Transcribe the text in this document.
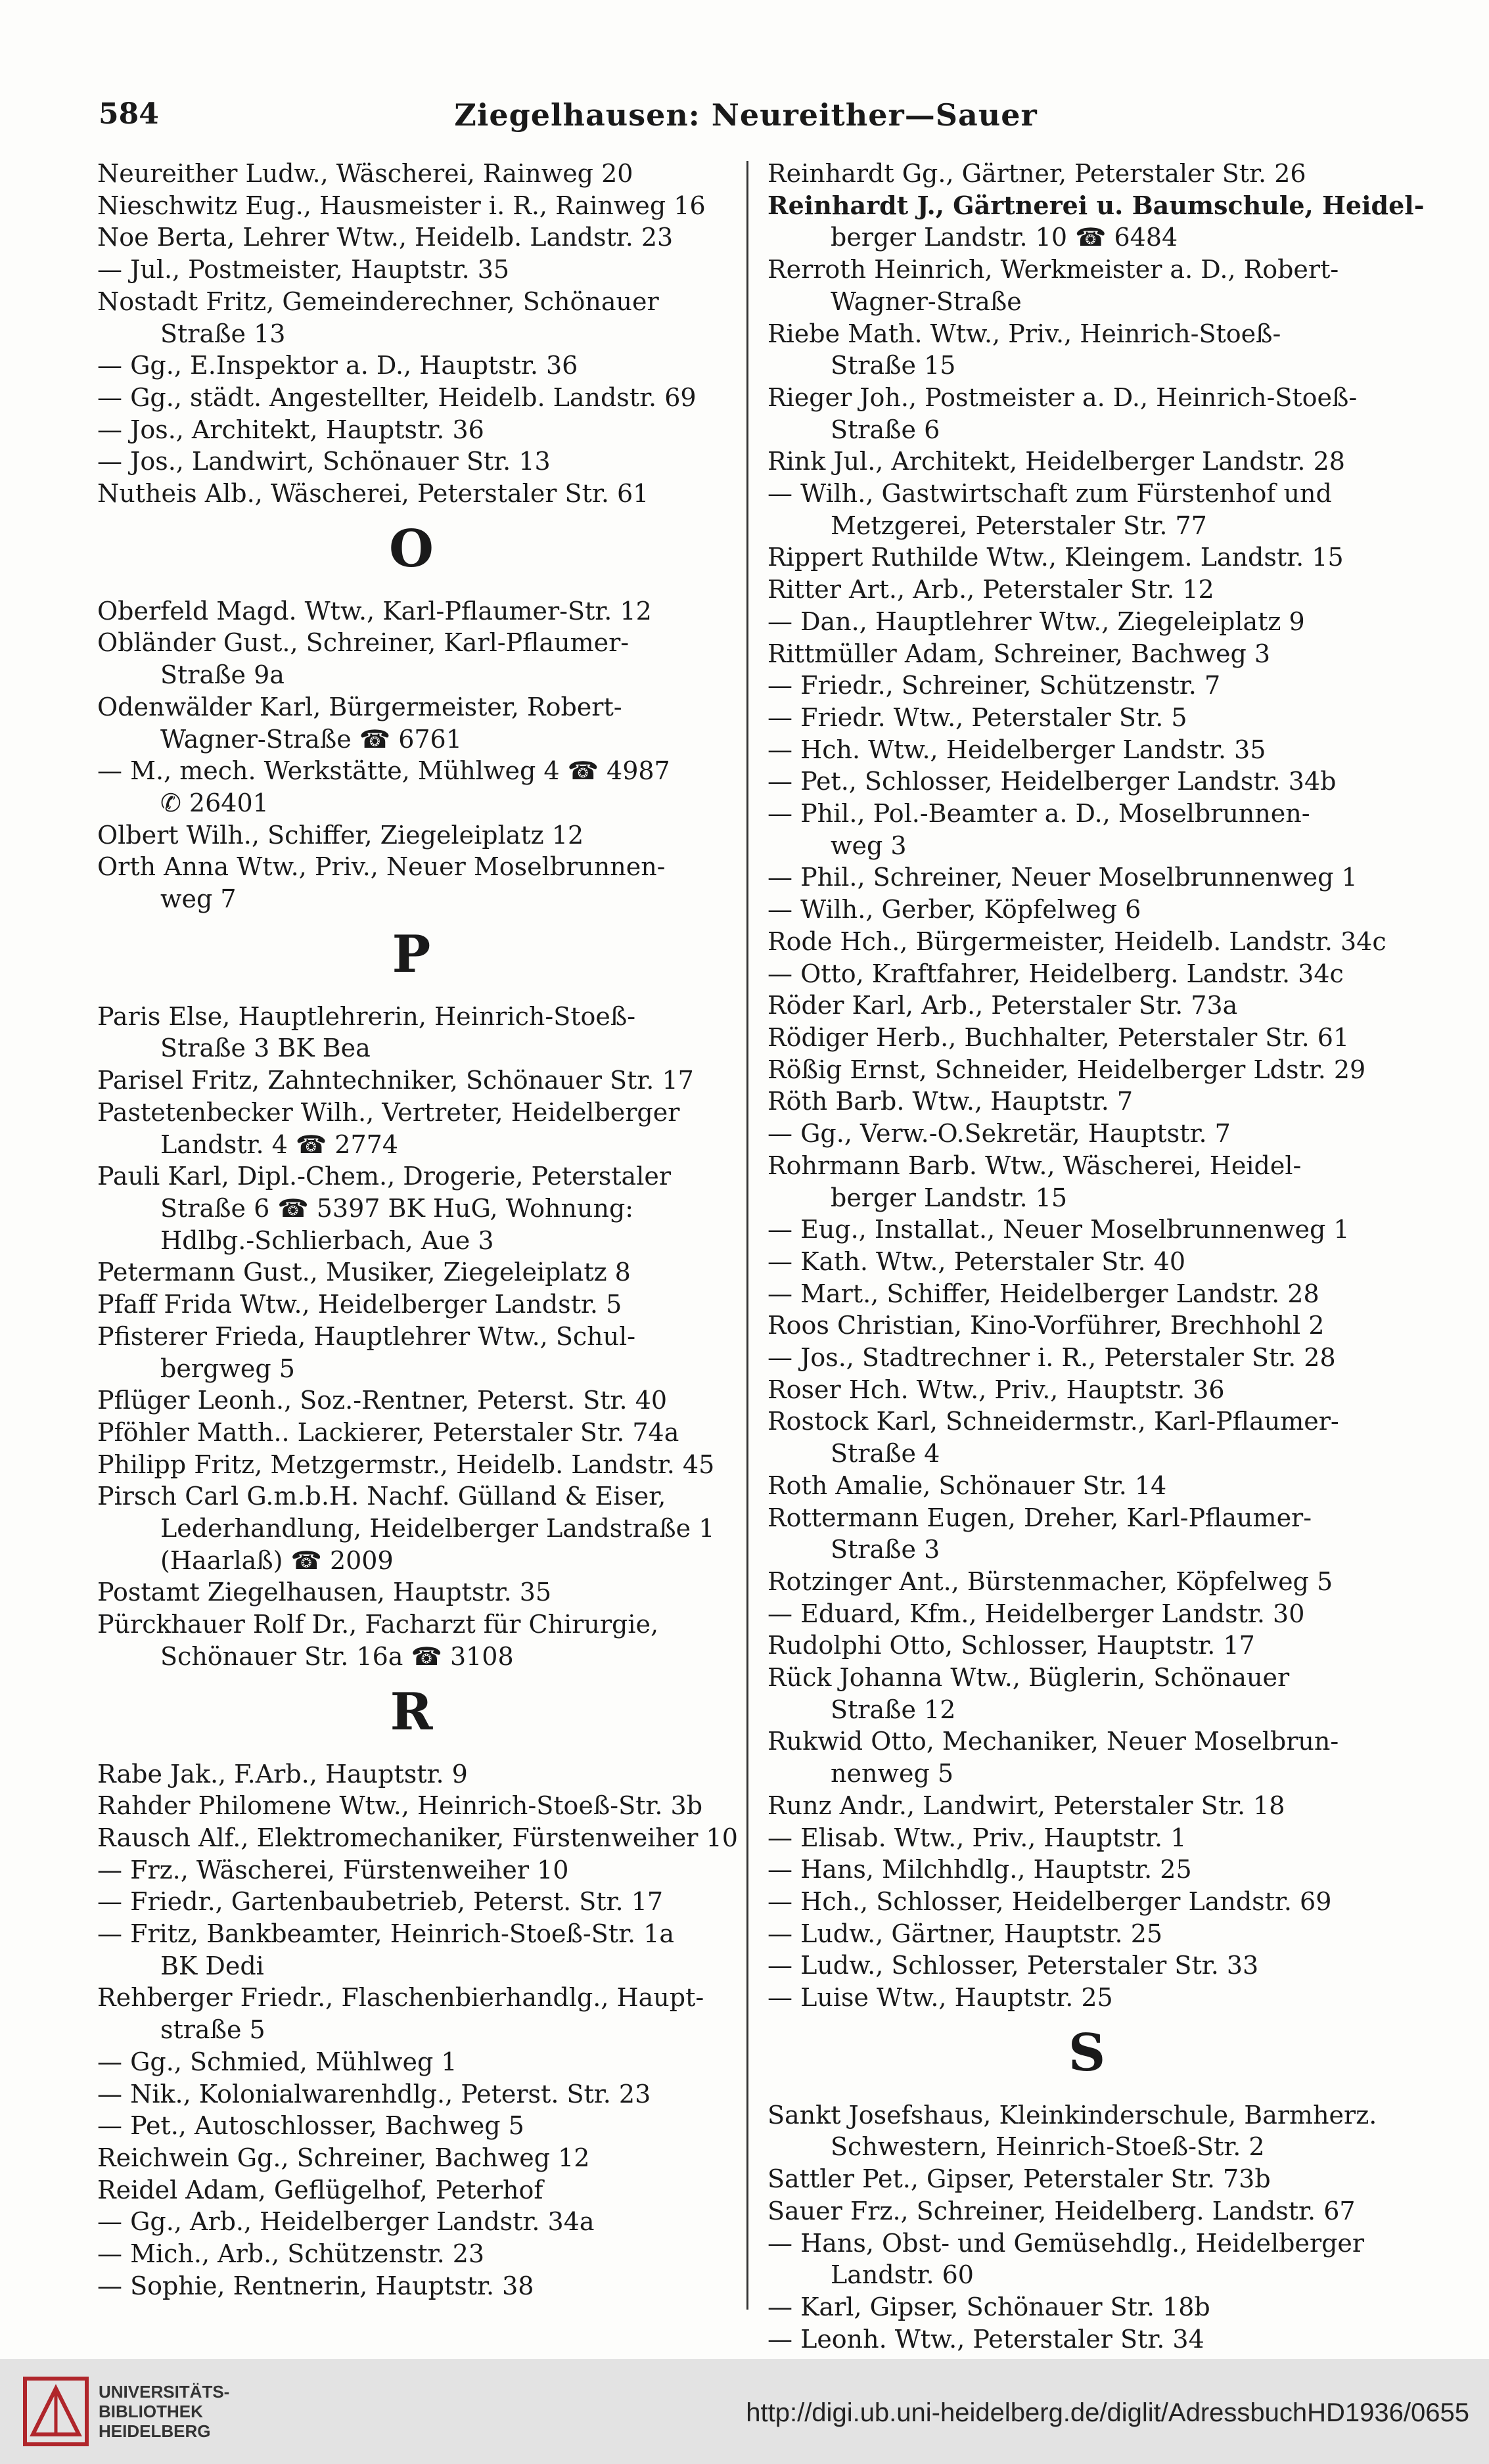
584	Ziegelhausen: Neureither—Sauer

Neureither Ludw., Wäscherei, Rainweg 20

Nieschwitz Eug., Hausmeister i. R., Rainweg 16

Noe Berta, Lehrer Wtw., Heidelb. Landstr. 23

— Jul., Postmeister, Hauptstr. 35

Nostadt Fritz, Gemeinderechner, Schönauer
Straße 13

— Gg., E.Inspektor a. D., Hauptstr. 36

— Gg., städt. Angestellter, Heidelb. Landstr. 69

— Jos., Architekt, Hauptstr. 36

— Jos., Landwirt, Schönauer Str. 13

Nutheis Alb., Wäscherei, Peterstaler Str. 61

O

Oberfeld Magd. Wtw., Karl-Pflaumer-Str. 12

Obländer Gust., Schreiner, Karl-Pflaumer-
Straße 9a

Odenwälder Karl, Bürgermeister, Robert-
Wagner-Straße ☎ 6761

— M., mech. Werkstätte, Mühlweg 4 ☎ 4987
✆ 26401

Olbert Wilh., Schiffer, Ziegeleiplatz 12

Orth Anna Wtw., Priv., Neuer Moselbrunnen-
weg 7

P

Paris Else, Hauptlehrerin, Heinrich-Stoeß-
Straße 3 BK Bea

Parisel Fritz, Zahntechniker, Schönauer Str. 17

Pastetenbecker Wilh., Vertreter, Heidelberger
Landstr. 4 ☎ 2774

Pauli Karl, Dipl.-Chem., Drogerie, Peterstaler
Straße 6 ☎ 5397 BK HuG, Wohnung:
Hdlbg.-Schlierbach, Aue 3

Petermann Gust., Musiker, Ziegeleiplatz 8

Pfaff Frida Wtw., Heidelberger Landstr. 5

Pfisterer Frieda, Hauptlehrer Wtw., Schul-
bergweg 5

Pflüger Leonh., Soz.-Rentner, Peterst. Str. 40

Pföhler Matth.. Lackierer, Peterstaler Str. 74a

Philipp Fritz, Metzgermstr., Heidelb. Landstr. 45

Pirsch Carl G.m.b.H. Nachf. Gülland & Eiser,
Lederhandlung, Heidelberger Landstraße 1
(Haarlaß) ☎ 2009

Postamt Ziegelhausen, Hauptstr. 35

Pürckhauer Rolf Dr., Facharzt für Chirurgie,
Schönauer Str. 16a ☎ 3108

R

Rabe Jak., F.Arb., Hauptstr. 9

Rahder Philomene Wtw., Heinrich-Stoeß-Str. 3b

Rausch Alf., Elektromechaniker, Fürstenweiher 10

— Frz., Wäscherei, Fürstenweiher 10

— Friedr., Gartenbaubetrieb, Peterst. Str. 17

— Fritz, Bankbeamter, Heinrich-Stoeß-Str. 1a
BK Dedi

Rehberger Friedr., Flaschenbierhandlg., Haupt-
straße 5

— Gg., Schmied, Mühlweg 1

— Nik., Kolonialwarenhdlg., Peterst. Str. 23

— Pet., Autoschlosser, Bachweg 5

Reichwein Gg., Schreiner, Bachweg 12

Reidel Adam, Geflügelhof, Peterhof

— Gg., Arb., Heidelberger Landstr. 34a

— Mich., Arb., Schützenstr. 23

— Sophie, Rentnerin, Hauptstr. 38

Reinhardt Gg., Gärtner, Peterstaler Str. 26

Reinhardt J., Gärtnerei u. Baumschule, Heidel-
berger Landstr. 10 ☎ 6484

Rerroth Heinrich, Werkmeister a. D., Robert-
Wagner-Straße

Riebe Math. Wtw., Priv., Heinrich-Stoeß-
Straße 15

Rieger Joh., Postmeister a. D., Heinrich-Stoeß-
Straße 6

Rink Jul., Architekt, Heidelberger Landstr. 28

— Wilh., Gastwirtschaft zum Fürstenhof und
Metzgerei, Peterstaler Str. 77

Rippert Ruthilde Wtw., Kleingem. Landstr. 15

Ritter Art., Arb., Peterstaler Str. 12

— Dan., Hauptlehrer Wtw., Ziegeleiplatz 9

Rittmüller Adam, Schreiner, Bachweg 3

— Friedr., Schreiner, Schützenstr. 7

— Friedr. Wtw., Peterstaler Str. 5

— Hch. Wtw., Heidelberger Landstr. 35

— Pet., Schlosser, Heidelberger Landstr. 34b

— Phil., Pol.-Beamter a. D., Moselbrunnen-
weg 3

— Phil., Schreiner, Neuer Moselbrunnenweg 1

— Wilh., Gerber, Köpfelweg 6

Rode Hch., Bürgermeister, Heidelb. Landstr. 34c

— Otto, Kraftfahrer, Heidelberg. Landstr. 34c

Röder Karl, Arb., Peterstaler Str. 73a

Rödiger Herb., Buchhalter, Peterstaler Str. 61

Rößig Ernst, Schneider, Heidelberger Ldstr. 29

Röth Barb. Wtw., Hauptstr. 7

— Gg., Verw.-O.Sekretär, Hauptstr. 7

Rohrmann Barb. Wtw., Wäscherei, Heidel-
berger Landstr. 15

— Eug., Installat., Neuer Moselbrunnenweg 1

— Kath. Wtw., Peterstaler Str. 40

— Mart., Schiffer, Heidelberger Landstr. 28

Roos Christian, Kino-Vorführer, Brechhohl 2

— Jos., Stadtrechner i. R., Peterstaler Str. 28

Roser Hch. Wtw., Priv., Hauptstr. 36

Rostock Karl, Schneidermstr., Karl-Pflaumer-
Straße 4

Roth Amalie, Schönauer Str. 14

Rottermann Eugen, Dreher, Karl-Pflaumer-
Straße 3

Rotzinger Ant., Bürstenmacher, Köpfelweg 5

— Eduard, Kfm., Heidelberger Landstr. 30

Rudolphi Otto, Schlosser, Hauptstr. 17

Rück Johanna Wtw., Büglerin, Schönauer
Straße 12

Rukwid Otto, Mechaniker, Neuer Moselbrun-
nenweg 5

Runz Andr., Landwirt, Peterstaler Str. 18

— Elisab. Wtw., Priv., Hauptstr. 1

— Hans, Milchhdlg., Hauptstr. 25

— Hch., Schlosser, Heidelberger Landstr. 69

— Ludw., Gärtner, Hauptstr. 25

— Ludw., Schlosser, Peterstaler Str. 33

— Luise Wtw., Hauptstr. 25

S

Sankt Josefshaus, Kleinkinderschule, Barmherz.
Schwestern, Heinrich-Stoeß-Str. 2

Sattler Pet., Gipser, Peterstaler Str. 73b

Sauer Frz., Schreiner, Heidelberg. Landstr. 67

— Hans, Obst- und Gemüsehdlg., Heidelberger
Landstr. 60

— Karl, Gipser, Schönauer Str. 18b

— Leonh. Wtw., Peterstaler Str. 34

UNIVERSITÄTS-
BIBLIOTHEK
HEIDELBERG
http://digi.ub.uni-heidelberg.de/diglit/AdressbuchHD1936/0655
